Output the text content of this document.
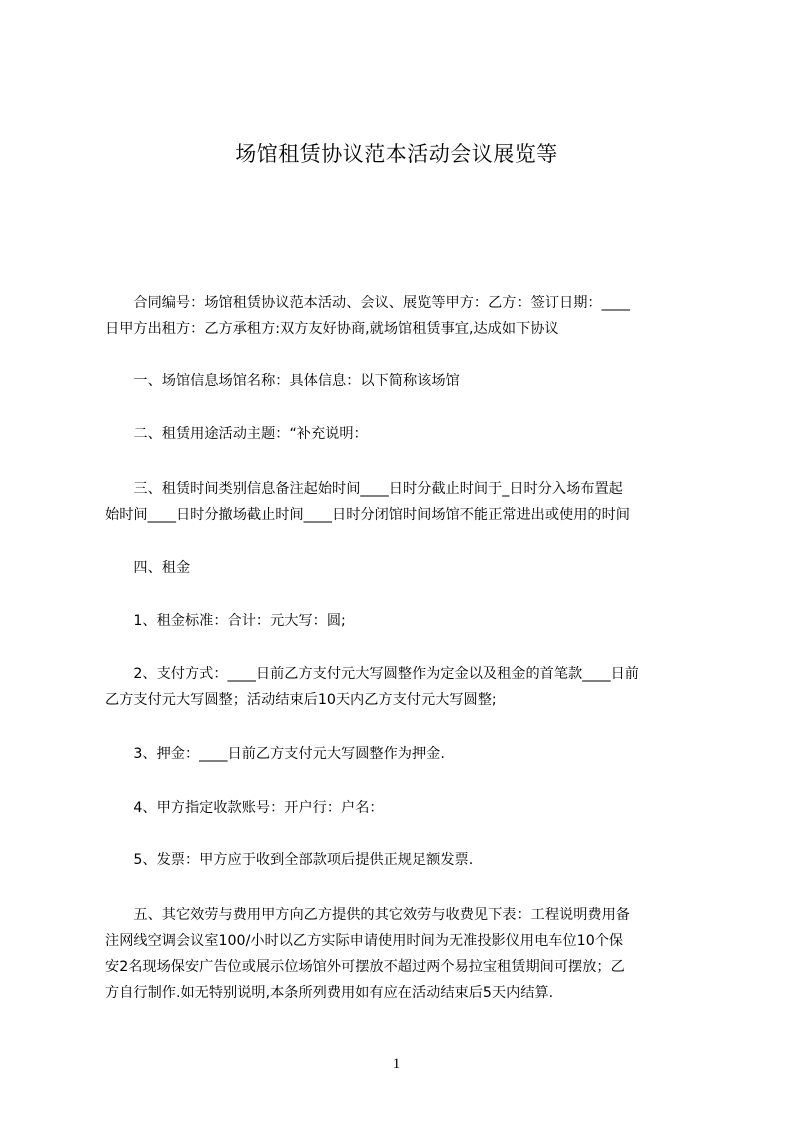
场馆租赁协议范本活动会议展览等

　　合同编号：场馆租赁协议范本活动、会议、展览等甲方：乙方：签订日期：____
日甲方出租方：乙方承租方:双方友好协商,就场馆租赁事宜,达成如下协议

　　一、场馆信息场馆名称：具体信息：以下简称该场馆

　　二、租赁用途活动主题：“补充说明：

　　三、租赁时间类别信息备注起始时间____日时分截止时间于_日时分入场布置起
始时间____日时分撤场截止时间____日时分闭馆时间场馆不能正常进出或使用的时间

　　四、租金

　　1、租金标准：合计：元大写：圆;

　　2、支付方式：____日前乙方支付元大写圆整作为定金以及租金的首笔款____日前
乙方支付元大写圆整；活动结束后10天内乙方支付元大写圆整;

　　3、押金：____日前乙方支付元大写圆整作为押金.

　　4、甲方指定收款账号：开户行：户名：

　　5、发票：甲方应于收到全部款项后提供正规足额发票.

　　五、其它效劳与费用甲方向乙方提供的其它效劳与收费见下表：工程说明费用备
注网线空调会议室100/小时以乙方实际申请使用时间为无准投影仪用电车位10个保
安2名现场保安广告位或展示位场馆外可摆放不超过两个易拉宝租赁期间可摆放；乙
方自行制作.如无特别说明,本条所列费用如有应在活动结束后5天内结算.

1
